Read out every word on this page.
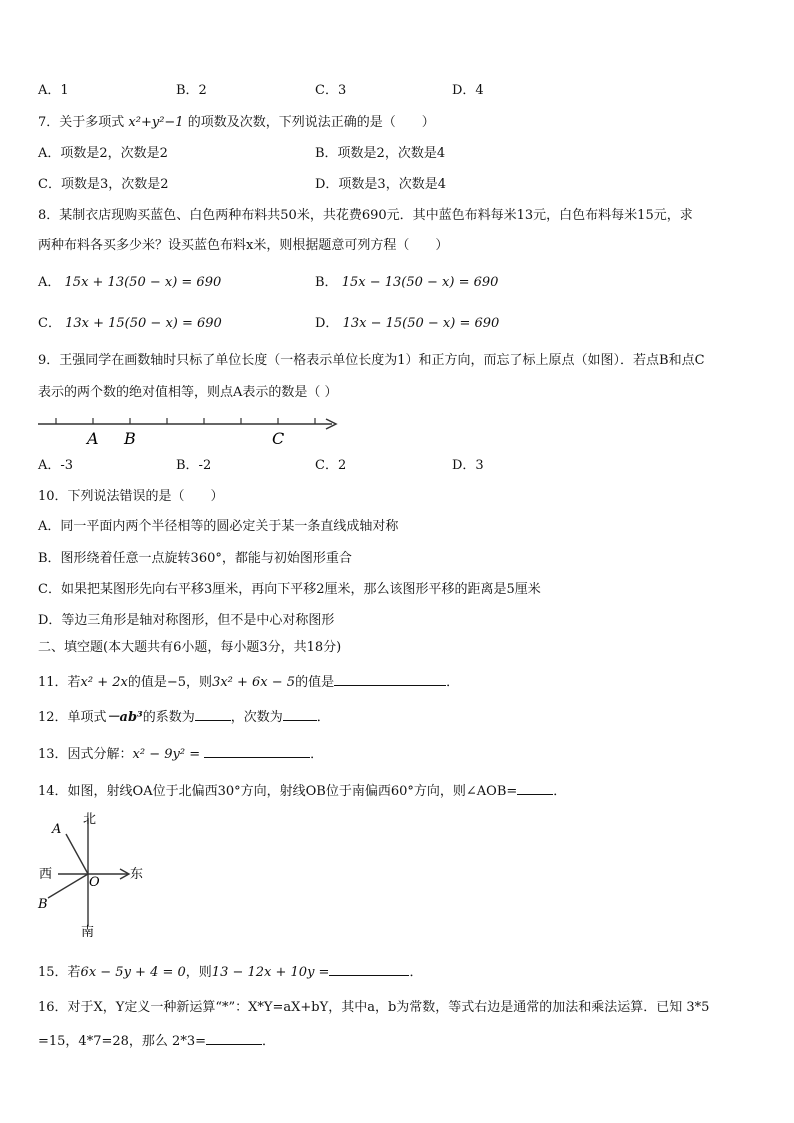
A．1	B．2	C．3	D．4
7．关于多项式 x²+y²−1 的项数及次数，下列说法正确的是（　　）
A．项数是2，次数是2	B．项数是2，次数是4
C．项数是3，次数是2	D．项数是3，次数是4
8．某制衣店现购买蓝色、白色两种布料共50米，共花费690元．其中蓝色布料每米13元，白色布料每米15元，求
两种布料各买多少米？设买蓝色布料x米，则根据题意可列方程（　　）
A． 15x + 13(50 − x) = 690	B． 15x − 13(50 − x) = 690
C． 13x + 15(50 − x) = 690	D． 13x − 15(50 − x) = 690
9．王强同学在画数轴时只标了单位长度（一格表示单位长度为1）和正方向，而忘了标上原点（如图）．若点B和点C
表示的两个数的绝对值相等，则点A表示的数是（ ）
A B	C
A．-3	B．-2	C．2	D．3
10．下列说法错误的是（　　）
A．同一平面内两个半径相等的圆必定关于某一条直线成轴对称
B．图形绕着任意一点旋转360°，都能与初始图形重合
C．如果把某图形先向右平移3厘米，再向下平移2厘米，那么该图形平移的距离是5厘米
D．等边三角形是轴对称图形，但不是中心对称图形
二、填空题(本大题共有6小题，每小题3分，共18分)
11．若x² + 2x的值是−5，则3x² + 6x − 5的值是	．
12．单项式－ab³的系数为	，次数为	．
13．因式分解：x² − 9y² =	．
14．如图，射线OA位于北偏西30°方向，射线OB位于南偏西60°方向，则∠AOB=	．
北
南
东
西
A
B
O
15．若6x − 5y + 4 = 0，则13 − 12x + 10y =	．
16．对于X，Y定义一种新运算“*”：X*Y=aX+bY，其中a，b为常数，等式右边是通常的加法和乘法运算．已知 3*5
=15，4*7=28，那么 2*3=	．
